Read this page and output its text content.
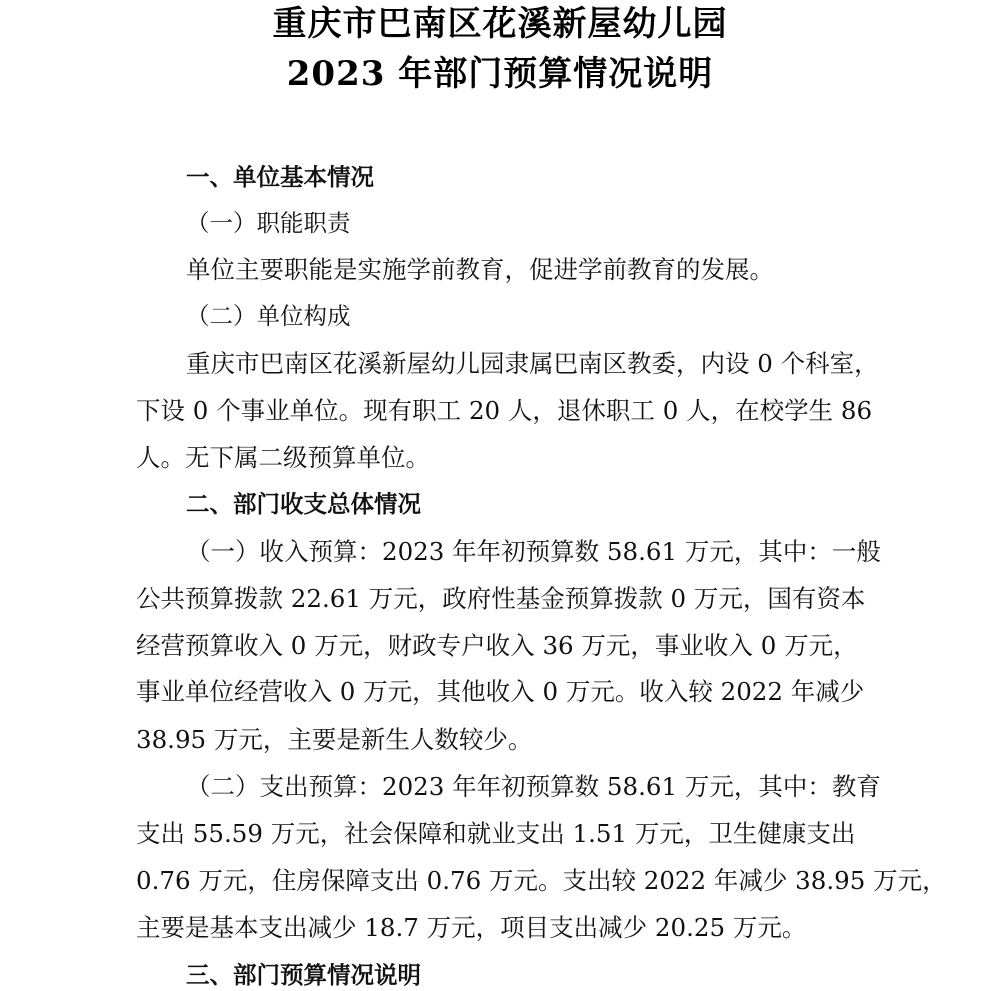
重庆市巴南区花溪新屋幼儿园
2023 年部门预算情况说明
一、单位基本情况
（一）职能职责
单位主要职能是实施学前教育，促进学前教育的发展。
（二）单位构成
重庆市巴南区花溪新屋幼儿园隶属巴南区教委，内设 0 个科室，
下设 0 个事业单位。现有职工 20 人，退休职工 0 人，在校学生 86
人。无下属二级预算单位。
二、部门收支总体情况
（一）收入预算：2023 年年初预算数 58.61 万元，其中：一般
公共预算拨款 22.61 万元，政府性基金预算拨款 0 万元，国有资本
经营预算收入 0 万元，财政专户收入 36 万元，事业收入 0 万元，
事业单位经营收入 0 万元，其他收入 0 万元。收入较 2022 年减少
38.95 万元，主要是新生人数较少。
（二）支出预算：2023 年年初预算数 58.61 万元，其中：教育
支出 55.59 万元，社会保障和就业支出 1.51 万元，卫生健康支出
0.76 万元，住房保障支出 0.76 万元。支出较 2022 年减少 38.95 万元，
主要是基本支出减少 18.7 万元，项目支出减少 20.25 万元。
三、部门预算情况说明
